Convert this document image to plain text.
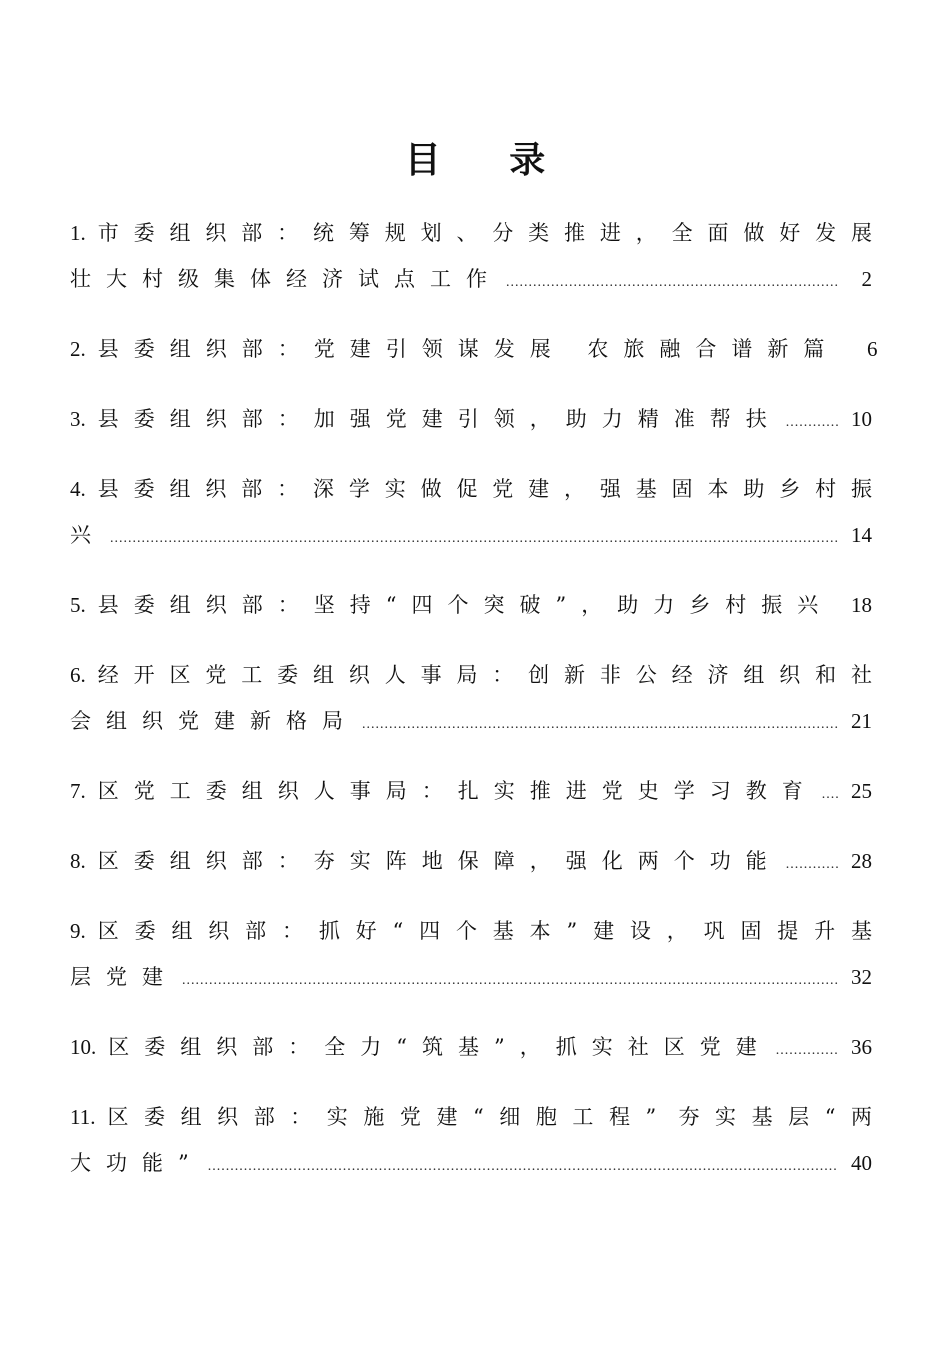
目 录
1. 市委组织部：统筹规划、分类推进，全面做好发展
壮大村级集体经济试点工作 .....	2
2. 县委组织部：党建引领谋发展 农旅融合谱新篇	6
3. 县委组织部：加强党建引领，助力精准帮扶 .....	10
4. 县委组织部：深学实做促党建，强基固本助乡村振
兴 .....	14
5. 县委组织部：坚持“四个突破”，助力乡村振兴 ..... 18
6. 经开区党工委组织人事局：创新非公经济组织和社
会组织党建新格局 .....	21
7. 区党工委组织人事局：扎实推进党史学习教育 ..... 25
8. 区委组织部：夯实阵地保障，强化两个功能 .....	28
9. 区委组织部：抓好“四个基本”建设，巩固提升基
层党建 .....	32
10. 区委组织部：全力“筑基”，抓实社区党建 .....	36
11. 区委组织部：实施党建“细胞工程” 夯实基层“两
大功能” .....	40
